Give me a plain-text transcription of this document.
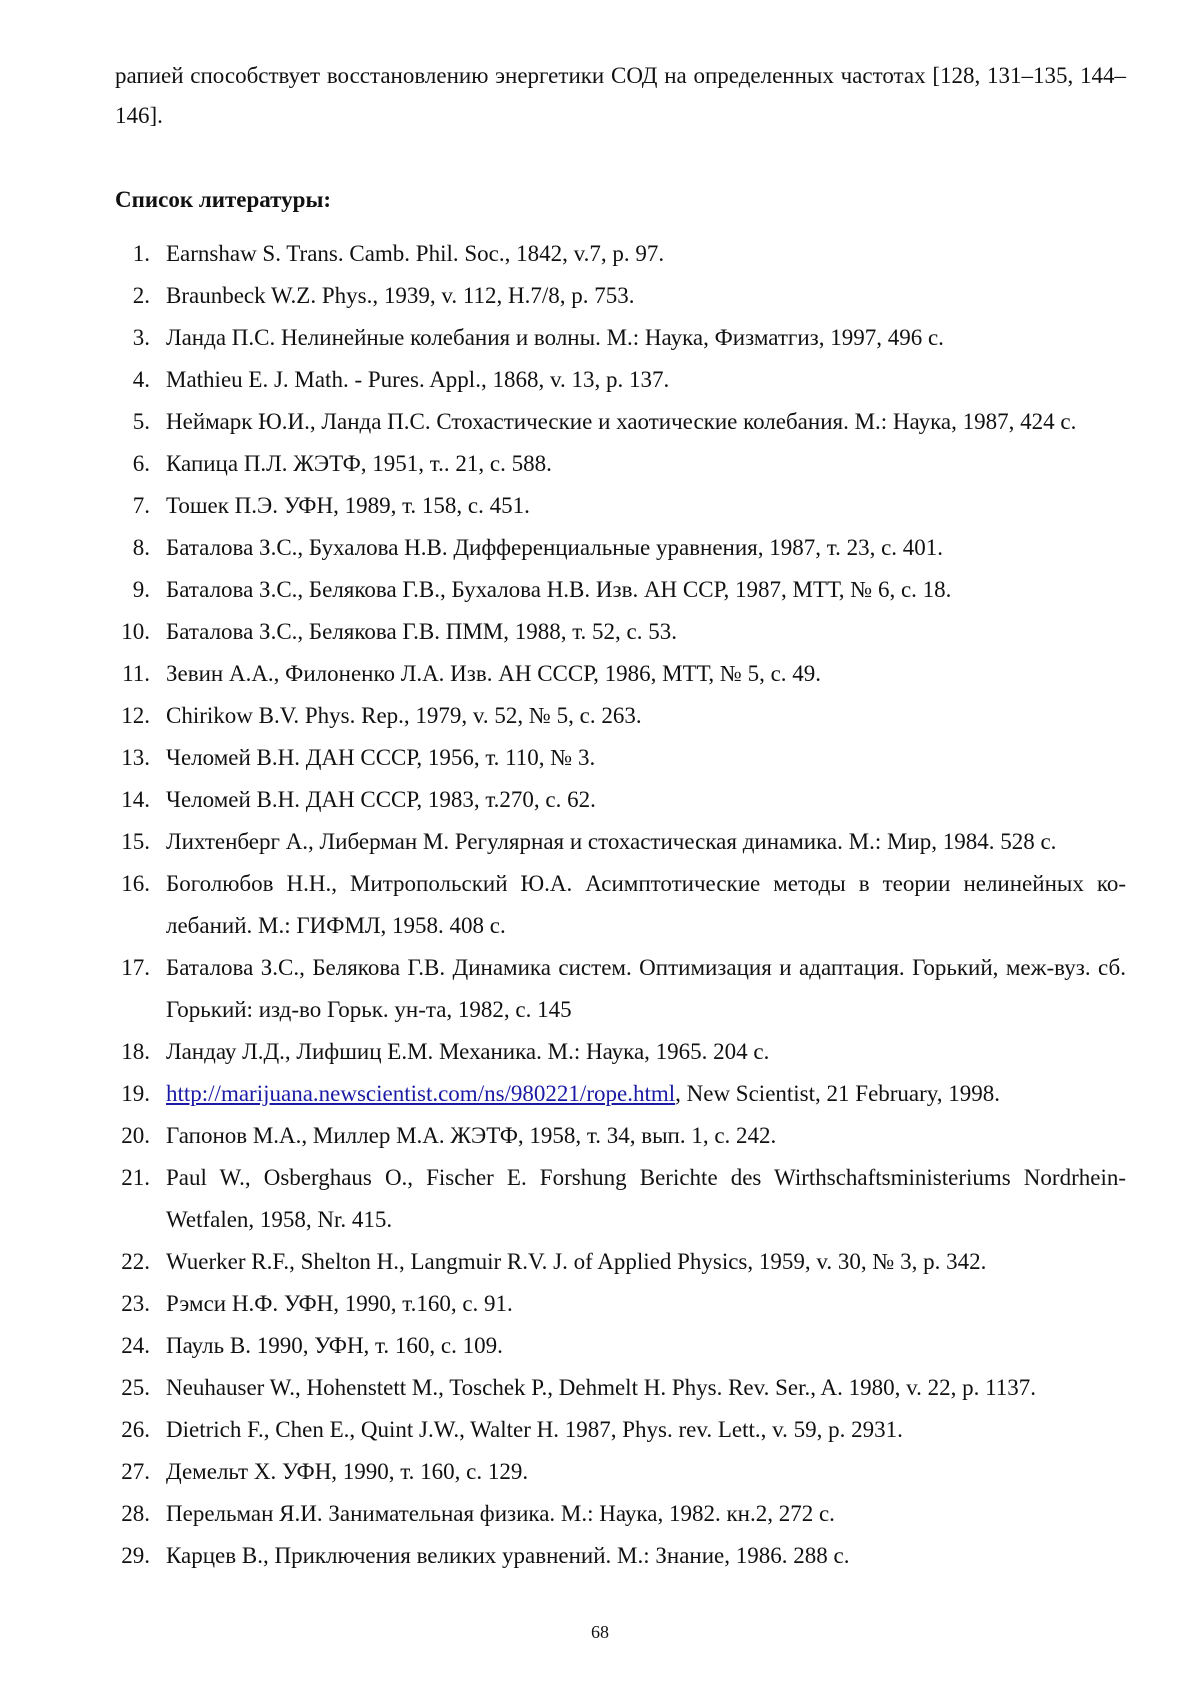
рапией способствует восстановлению энергетики СОД на определенных частотах [128, 131–135, 144–146].

Список литературы:
1. Earnshaw S. Trans. Camb. Phil. Soc., 1842, v.7, p. 97.
2. Braunbeck W.Z. Phys., 1939, v. 112, H.7/8, p. 753.
3. Ланда П.С. Нелинейные колебания и волны. М.: Наука, Физматгиз, 1997, 496 с.
4. Mathieu E. J. Math. - Pures. Appl., 1868, v. 13, p. 137.
5. Неймарк Ю.И., Ланда П.С. Стохастические и хаотические колебания. М.: Наука, 1987, 424 с.
6. Капица П.Л. ЖЭТФ, 1951, т.. 21, с. 588.
7. Тошек П.Э. УФН, 1989, т. 158, с. 451.
8. Баталова З.С., Бухалова Н.В. Дифференциальные уравнения, 1987, т. 23, с. 401.
9. Баталова З.С., Белякова Г.В., Бухалова Н.В. Изв. АН ССР, 1987, МТТ, № 6, с. 18.
10. Баталова З.С., Белякова Г.В. ПММ, 1988, т. 52, с. 53.
11. Зевин А.А., Филоненко Л.А. Изв. АН СССР, 1986, МТТ, № 5, с. 49.
12. Chirikow B.V. Phys. Rep., 1979, v. 52, № 5, с. 263.
13. Челомей В.Н. ДАН СССР, 1956, т. 110, № 3.
14. Челомей В.Н. ДАН СССР, 1983, т.270, с. 62.
15. Лихтенберг А., Либерман М. Регулярная и стохастическая динамика. М.: Мир, 1984. 528 с.
16. Боголюбов Н.Н., Митропольский Ю.А. Асимптотические методы в теории нелинейных ко-лебаний. М.: ГИФМЛ, 1958. 408 с.
17. Баталова З.С., Белякова Г.В. Динамика систем. Оптимизация и адаптация. Горький, меж-вуз. сб. Горький: изд-во Горьк. ун-та, 1982, с. 145
18. Ландау Л.Д., Лифшиц Е.М. Механика. М.: Наука, 1965. 204 с.
19. http://marijuana.newscientist.com/ns/980221/rope.html, New Scientist, 21 February, 1998.
20. Гапонов М.А., Миллер М.А. ЖЭТФ, 1958, т. 34, вып. 1, с. 242.
21. Paul W., Osberghaus O., Fischer E. Forshung Berichte des Wirthschaftsministeriums Nordrhein-Wetfalen, 1958, Nr. 415.
22. Wuerker R.F., Shelton H., Langmuir R.V. J. of Applied Physics, 1959, v. 30, № 3, p. 342.
23. Рэмси Н.Ф. УФН, 1990, т.160, с. 91.
24. Пауль В. 1990, УФН, т. 160, с. 109.
25. Neuhauser W., Hohenstett M., Toschek P., Dehmelt H. Phys. Rev. Ser., A. 1980, v. 22, p. 1137.
26. Dietrich F., Chen E., Quint J.W., Walter H. 1987, Phys. rev. Lett., v. 59, p. 2931.
27. Демельт Х. УФН, 1990, т. 160, с. 129.
28. Перельман Я.И. Занимательная физика. М.: Наука, 1982. кн.2, 272 с.
29. Карцев В., Приключения великих уравнений. М.: Знание, 1986. 288 с.
68
